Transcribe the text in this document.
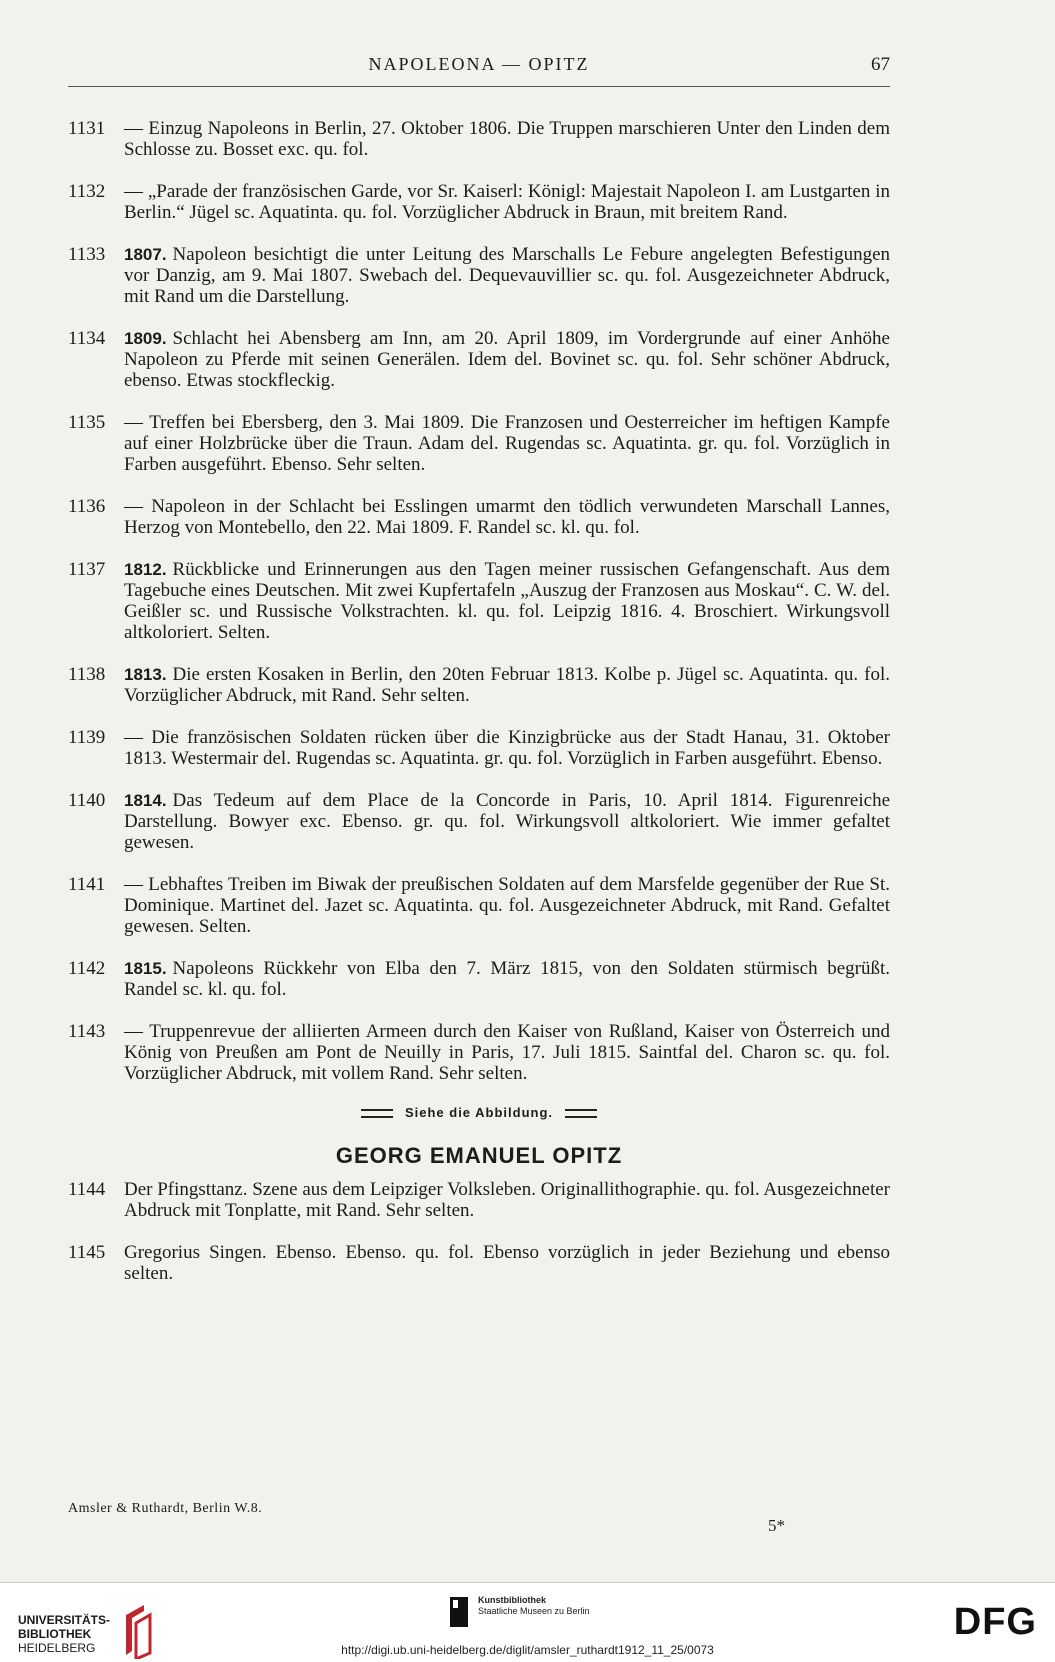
NAPOLEONA — OPITZ	67
1131 — Einzug Napoleons in Berlin, 27. Oktober 1806. Die Truppen marschieren Unter den Linden dem Schlosse zu. Bosset exc. qu. fol.
1132 — „Parade der französischen Garde, vor Sr. Kaiserl: Königl: Majestait Napoleon I. am Lustgarten in Berlin.“ Jügel sc. Aquatinta. qu. fol. Vorzüglicher Abdruck in Braun, mit breitem Rand.
1133 1807. Napoleon besichtigt die unter Leitung des Marschalls Le Febure angelegten Befestigungen vor Danzig, am 9. Mai 1807. Swebach del. Dequevauvillier sc. qu. fol. Ausgezeichneter Abdruck, mit Rand um die Darstellung.
1134 1809. Schlacht hei Abensberg am Inn, am 20. April 1809, im Vordergrunde auf einer Anhöhe Napoleon zu Pferde mit seinen Generälen. Idem del. Bovinet sc. qu. fol. Sehr schöner Abdruck, ebenso. Etwas stockfleckig.
1135 — Treffen bei Ebersberg, den 3. Mai 1809. Die Franzosen und Oesterreicher im heftigen Kampfe auf einer Holzbrücke über die Traun. Adam del. Rugendas sc. Aquatinta. gr. qu. fol. Vorzüglich in Farben ausgeführt. Ebenso. Sehr selten.
1136 — Napoleon in der Schlacht bei Esslingen umarmt den tödlich verwundeten Marschall Lannes, Herzog von Montebello, den 22. Mai 1809. F. Randel sc. kl. qu. fol.
1137 1812. Rückblicke und Erinnerungen aus den Tagen meiner russischen Gefangenschaft. Aus dem Tagebuche eines Deutschen. Mit zwei Kupfertafeln „Auszug der Franzosen aus Moskau“. C. W. del. Geißler sc. und Russische Volkstrachten. kl. qu. fol. Leipzig 1816. 4. Broschiert. Wirkungsvoll altkoloriert. Selten.
1138 1813. Die ersten Kosaken in Berlin, den 20ten Februar 1813. Kolbe p. Jügel sc. Aquatinta. qu. fol. Vorzüglicher Abdruck, mit Rand. Sehr selten.
1139 — Die französischen Soldaten rücken über die Kinzigbrücke aus der Stadt Hanau, 31. Oktober 1813. Westermair del. Rugendas sc. Aquatinta. gr. qu. fol. Vorzüglich in Farben ausgeführt. Ebenso.
1140 1814. Das Tedeum auf dem Place de la Concorde in Paris, 10. April 1814. Figurenreiche Darstellung. Bowyer exc. Ebenso. gr. qu. fol. Wirkungsvoll altkoloriert. Wie immer gefaltet gewesen.
1141 — Lebhaftes Treiben im Biwak der preußischen Soldaten auf dem Marsfelde gegenüber der Rue St. Dominique. Martinet del. Jazet sc. Aquatinta. qu. fol. Ausgezeichneter Abdruck, mit Rand. Gefaltet gewesen. Selten.
1142 1815. Napoleons Rückkehr von Elba den 7. März 1815, von den Soldaten stürmisch begrüßt. Randel sc. kl. qu. fol.
1143 — Truppenrevue der alliierten Armeen durch den Kaiser von Rußland, Kaiser von Österreich und König von Preußen am Pont de Neuilly in Paris, 17. Juli 1815. Saintfal del. Charon sc. qu. fol. Vorzüglicher Abdruck, mit vollem Rand. Sehr selten.
Siehe die Abbildung.
GEORG EMANUEL OPITZ
1144 Der Pfingsttanz. Szene aus dem Leipziger Volksleben. Originallithographie. qu. fol. Ausgezeichneter Abdruck mit Tonplatte, mit Rand. Sehr selten.
1145 Gregorius Singen. Ebenso. Ebenso. qu. fol. Ebenso vorzüglich in jeder Beziehung und ebenso selten.
Amsler & Ruthardt, Berlin W.8.
5*
UNIVERSITÄTS-
BIBLIOTHEK
HEIDELBERG
Kunstbibliothek
Staatliche Museen zu Berlin	DFG
http://digi.ub.uni-heidelberg.de/diglit/amsler_ruthardt1912_11_25/0073
